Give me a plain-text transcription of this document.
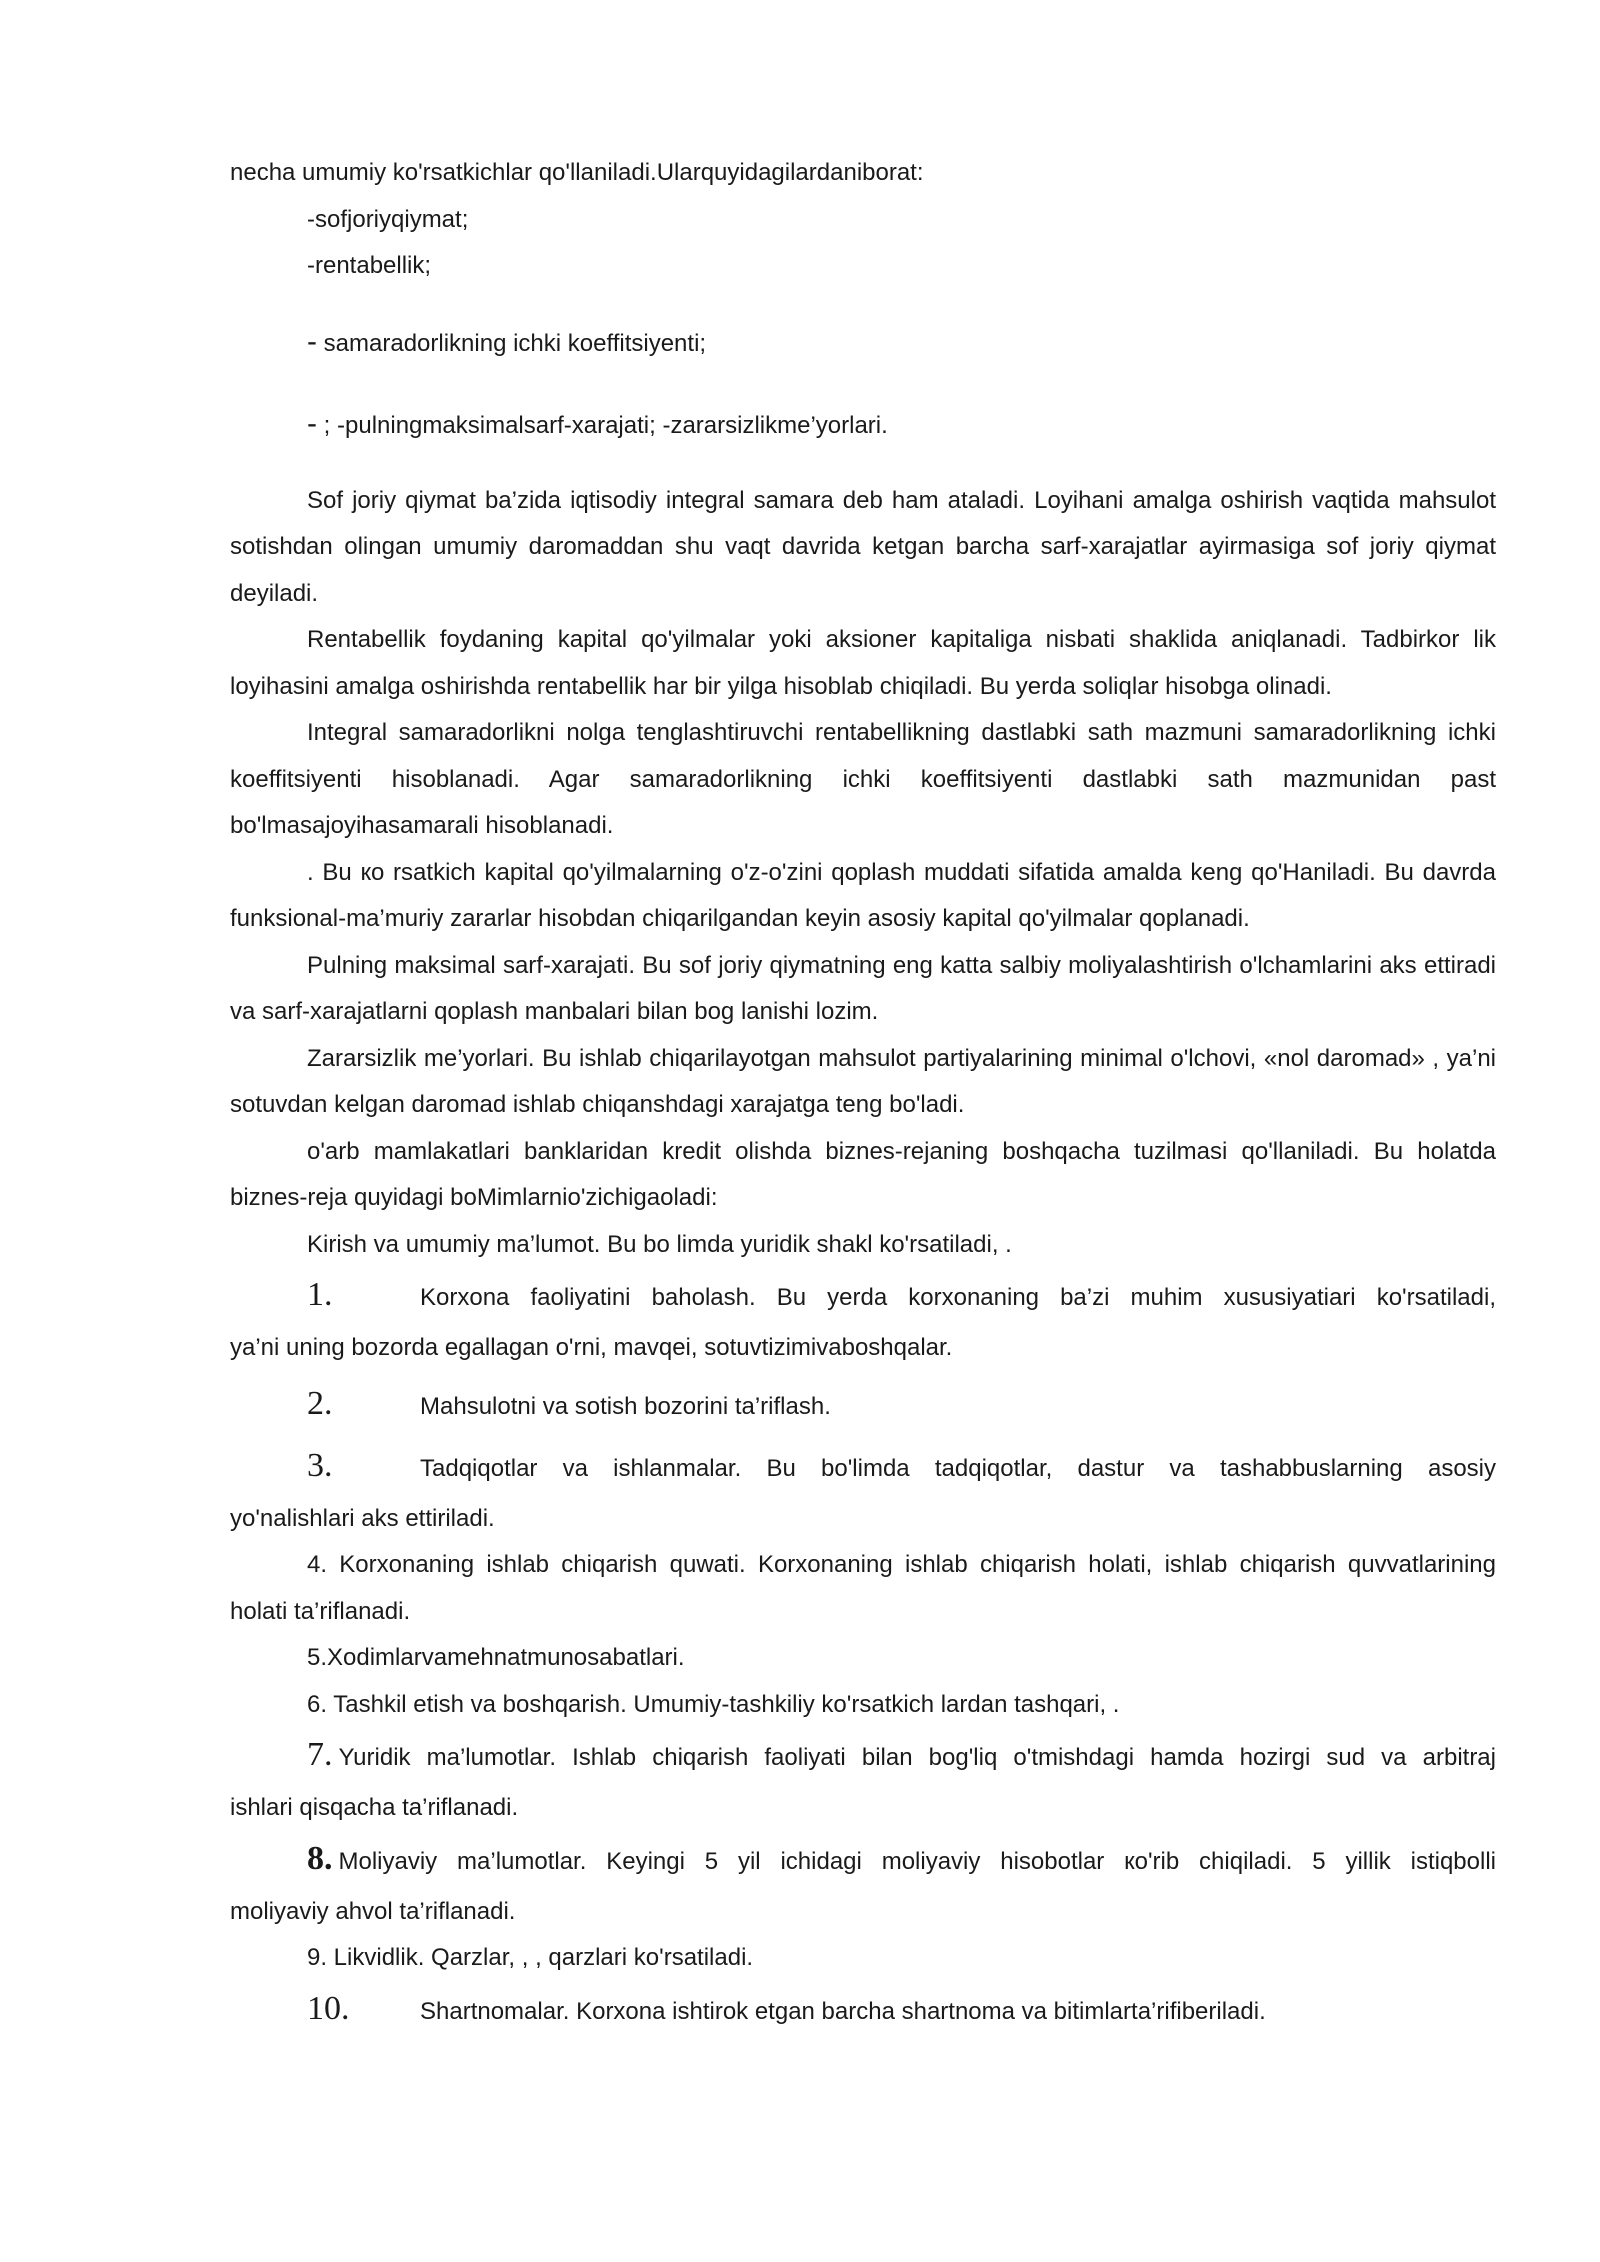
necha umumiy ko'rsatkichlar qo'llaniladi.Ularquyidagilardaniborat:

-sofjoriyqiymat;

-rentabellik;

- samaradorlikning ichki koeffitsiyenti;

- ; -pulningmaksimalsarf-xarajati; -zararsizlikme’yorlari.

Sof joriy qiymat ba’zida iqtisodiy integral samara deb ham ataladi. Loyihani amalga oshirish vaqtida mahsulot sotishdan olingan umumiy daromaddan shu vaqt davrida ketgan barcha sarf-xarajatlar ayirmasiga sof joriy qiymat deyiladi.

Rentabellik foydaning kapital qo'yilmalar yoki aksioner kapitaliga nisbati shaklida aniqlanadi. Tadbirkor lik loyihasini amalga oshirishda rentabellik har bir yilga hisoblab chiqiladi. Bu yerda soliqlar hisobga olinadi.

Integral samaradorlikni nolga tenglashtiruvchi rentabellikning dastlabki sath mazmuni samaradorlikning ichki koeffitsiyenti hisoblanadi. Agar samaradorlikning ichki koeffitsiyenti dastlabki sath mazmunidan past bo'lmasajoyihasamarali hisoblanadi.

. Bu кo rsatkich kapital qo'yilmalarning o'z-o'zini qoplash muddati sifatida amalda keng qo'Haniladi. Bu davrda funksional-ma’muriy zararlar hisobdan chiqarilgandan keyin asosiy kapital qo'yilmalar qoplanadi.

Pulning maksimal sarf-xarajati. Bu sof joriy qiymatning eng katta salbiy moliyalashtirish o'lchamlarini aks ettiradi va sarf-xarajatlarni qoplash manbalari bilan bog lanishi lozim.

Zararsizlik me’yorlari. Bu ishlab chiqarilayotgan mahsulot partiyalarining minimal o'lchovi, «nol daromad» , ya’ni sotuvdan kelgan daromad ishlab chiqanshdagi xarajatga teng bo'ladi.

o'arb mamlakatlari banklaridan kredit olishda biznes-rejaning boshqacha tuzilmasi qo'llaniladi. Bu holatda biznes-reja quyidagi boMimlarnio'zichigaoladi:

Kirish va umumiy ma’lumot. Bu bo limda yuridik shakl ko'rsatiladi, .

1.	Korxona faoliyatini baholash. Bu yerda korxonaning ba’zi muhim xususiyatiari ko'rsatiladi,

ya’ni uning bozorda egallagan o'rni, mavqei, sotuvtizimivaboshqalar.

2.	Mahsulotni va sotish bozorini ta’riflash.
3.	Tadqiqotlar va ishlanmalar. Bu bo'limda tadqiqotlar, dastur va tashabbuslarning asosiy

yo'nalishlari aks ettiriladi.

4. Korxonaning ishlab chiqarish quwati. Korxonaning ishlab chiqarish holati, ishlab chiqarish quvvatlarining holati ta’riflanadi.

5.Xodimlarvamehnatmunosabatlari.

6. Tashkil etish va boshqarish. Umumiy-tashkiliy ko'rsatkich lardan tashqari, .

7. Yuridik ma’lumotlar. Ishlab chiqarish faoliyati bilan bog'liq o'tmishdagi hamda hozirgi sud va arbitraj

ishlari qisqacha ta’riflanadi.

8. Moliyaviy ma’lumotlar. Keyingi 5 yil ichidagi moliyaviy hisobotlar кo'rib chiqiladi. 5 yillik istiqbolli

moliyaviy ahvol ta’riflanadi.

9. Likvidlik. Qarzlar, , , qarzlari ko'rsatiladi.

10.	Shartnomalar. Korxona ishtirok etgan barcha shartnoma va bitimlarta’rifiberiladi.
